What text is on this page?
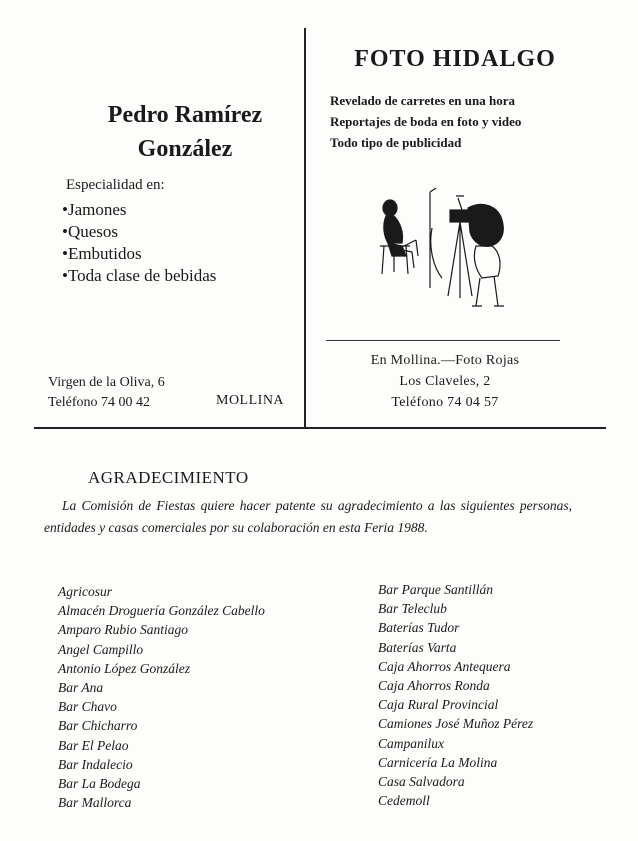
Pedro Ramírez
González
Especialidad en:
• Jamones
• Quesos
• Embutidos
• Toda clase de bebidas
Virgen de la Oliva, 6
Teléfono 74 00 42	MOLLINA
FOTO HIDALGO
Revelado de carretes en una hora
Reportajes de boda en foto y video
Todo tipo de publicidad
En Mollina.—Foto Rojas
Los Claveles, 2
Teléfono 74 04 57
AGRADECIMIENTO
La Comisión de Fiestas quiere hacer patente su agradecimiento a las siguientes personas, entidades y casas comerciales por su colaboración en esta Feria 1988.
Agricosur
Almacén Droguería González Cabello
Amparo Rubio Santiago
Angel Campillo
Antonio López González
Bar Ana
Bar Chavo
Bar Chicharro
Bar El Pelao
Bar Indalecio
Bar La Bodega
Bar Mallorca
Bar Parque Santillán
Bar Teleclub
Baterías Tudor
Baterías Varta
Caja Ahorros Antequera
Caja Ahorros Ronda
Caja Rural Provincial
Camiones José Muñoz Pérez
Campanilux
Carnicería La Molina
Casa Salvadora
Cedemoll
